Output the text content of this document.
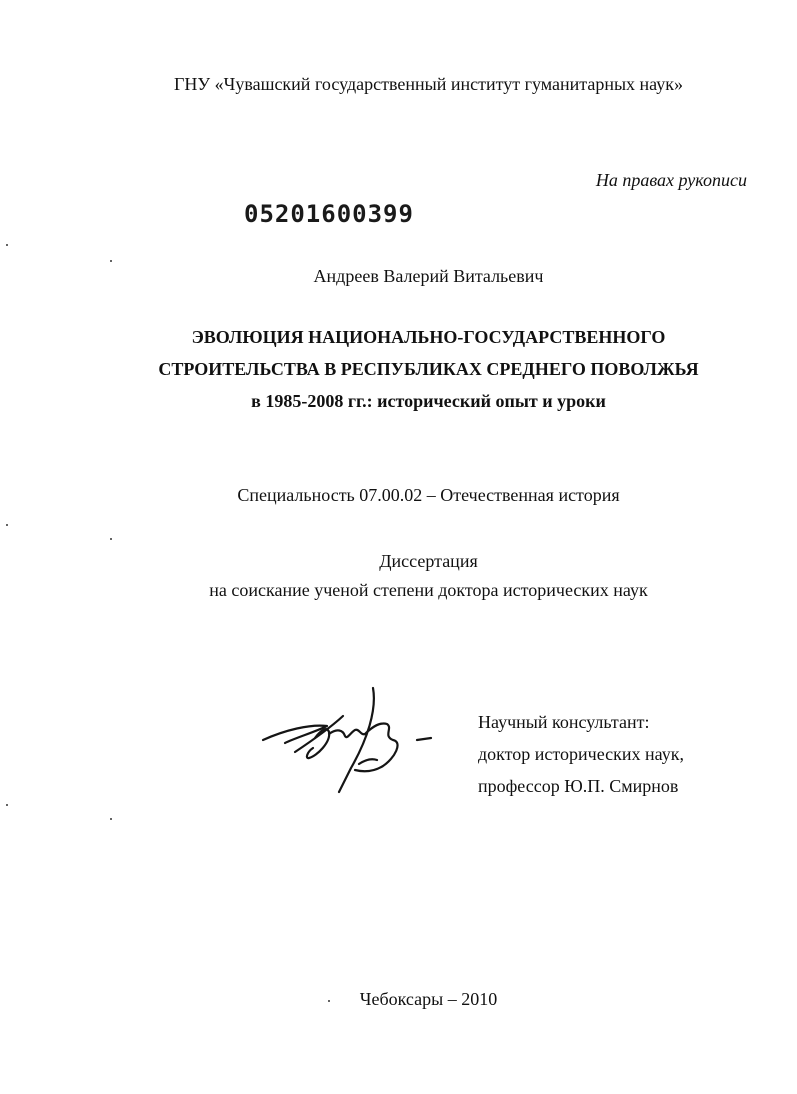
ГНУ «Чувашский государственный институт гуманитарных наук»
На правах рукописи
05201600399
Андреев Валерий Витальевич
ЭВОЛЮЦИЯ НАЦИОНАЛЬНО-ГОСУДАРСТВЕННОГО
СТРОИТЕЛЬСТВА В РЕСПУБЛИКАХ СРЕДНЕГО ПОВОЛЖЬЯ
в 1985-2008 гг.: исторический опыт и уроки
Специальность 07.00.02 – Отечественная история
Диссертация
на соискание ученой степени доктора исторических наук
Научный консультант:
доктор исторических наук,
профессор Ю.П. Смирнов
Чебоксары – 2010
